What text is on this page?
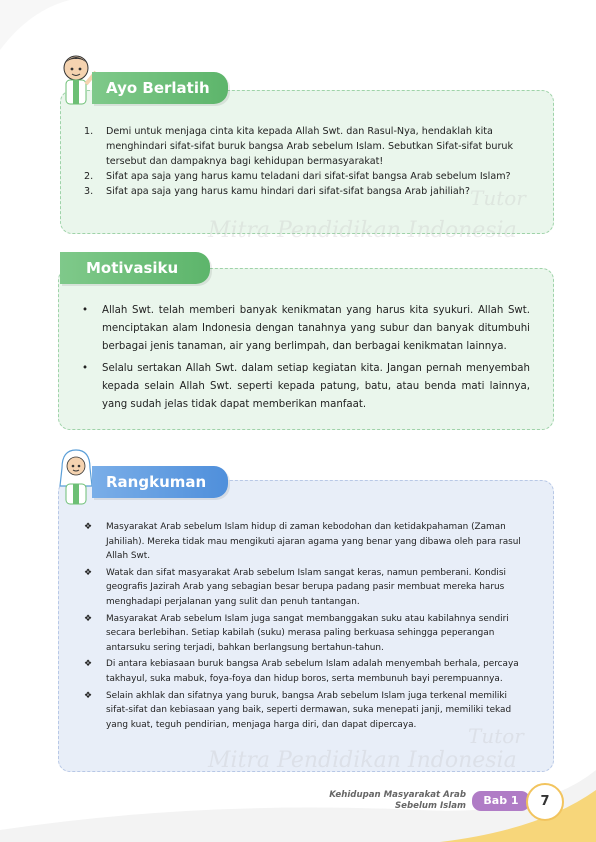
Tutor
Mitra Pendidikan Indonesia
Ayo Berlatih
1. Demi untuk menjaga cinta kita kepada Allah Swt. dan Rasul-Nya, hendaklah kita menghindari sifat-sifat buruk bangsa Arab sebelum Islam. Sebutkan Sifat-sifat buruk tersebut dan dampaknya bagi kehidupan bermasyarakat!
2. Sifat apa saja yang harus kamu teladani dari sifat-sifat bangsa Arab sebelum Islam?
3. Sifat apa saja yang harus kamu hindari dari sifat-sifat bangsa Arab jahiliah?
Motivasiku
• Allah Swt. telah memberi banyak kenikmatan yang harus kita syukuri. Allah Swt. menciptakan alam Indonesia dengan tanahnya yang subur dan banyak ditumbuhi berbagai jenis tanaman, air yang berlimpah, dan berbagai kenikmatan lainnya.
• Selalu sertakan Allah Swt. dalam setiap kegiatan kita. Jangan pernah menyembah kepada selain Allah Swt. seperti kepada patung, batu, atau benda mati lainnya, yang sudah jelas tidak dapat memberikan manfaat.
Tutor
Mitra Pendidikan Indonesia
Rangkuman
❖ Masyarakat Arab sebelum Islam hidup di zaman kebodohan dan ketidakpahaman (Zaman Jahiliah). Mereka tidak mau mengikuti ajaran agama yang benar yang dibawa oleh para rasul Allah Swt.
❖ Watak dan sifat masyarakat Arab sebelum Islam sangat keras, namun pemberani. Kondisi geografis Jazirah Arab yang sebagian besar berupa padang pasir membuat mereka harus menghadapi perjalanan yang sulit dan penuh tantangan.
❖ Masyarakat Arab sebelum Islam juga sangat membanggakan suku atau kabilahnya sendiri secara berlebihan. Setiap kabilah (suku) merasa paling berkuasa sehingga peperangan antarsuku sering terjadi, bahkan berlangsung bertahun-tahun.
❖ Di antara kebiasaan buruk bangsa Arab sebelum Islam adalah menyembah berhala, percaya takhayul, suka mabuk, foya-foya dan hidup boros, serta membunuh bayi perempuannya.
❖ Selain akhlak dan sifatnya yang buruk, bangsa Arab sebelum Islam juga terkenal memiliki sifat-sifat dan kebiasaan yang baik, seperti dermawan, suka menepati janji, memiliki tekad yang kuat, teguh pendirian, menjaga harga diri, dan dapat dipercaya.
Kehidupan Masyarakat Arab
Sebelum Islam	Bab 1	7
